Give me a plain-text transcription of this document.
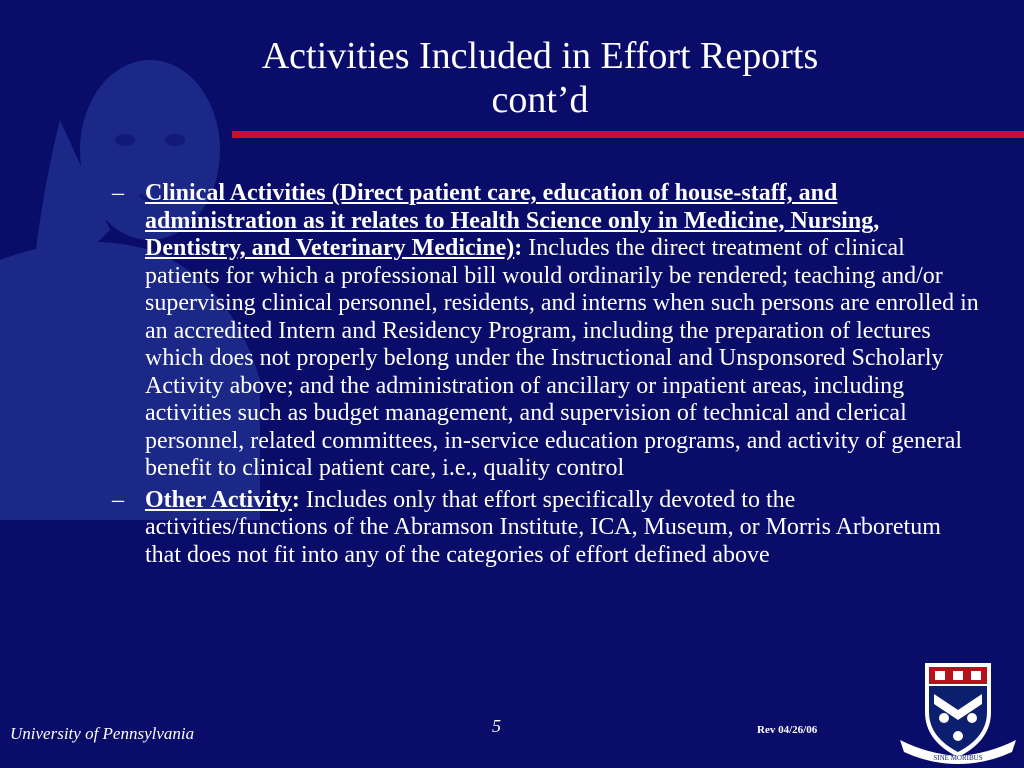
Activities Included in Effort Reports
cont’d
– Clinical Activities (Direct patient care, education of house-staff, and administration as it relates to Health Science only in Medicine, Nursing, Dentistry, and Veterinary Medicine): Includes the direct treatment of clinical patients for which a professional bill would ordinarily be rendered; teaching and/or supervising clinical personnel, residents, and interns when such persons are enrolled in an accredited Intern and Residency Program, including the preparation of lectures which does not properly belong under the Instructional and Unsponsored Scholarly Activity above; and the administration of ancillary or inpatient areas, including activities such as budget management, and supervision of technical and clerical personnel, related committees, in-service education programs, and activity of general benefit to clinical patient care, i.e., quality control
– Other Activity: Includes only that effort specifically devoted to the activities/functions of the Abramson Institute, ICA, Museum, or Morris Arboretum that does not fit into any of the categories of effort defined above
University of Pennsylvania	5	Rev 04/26/06
SINE MORIBUS
